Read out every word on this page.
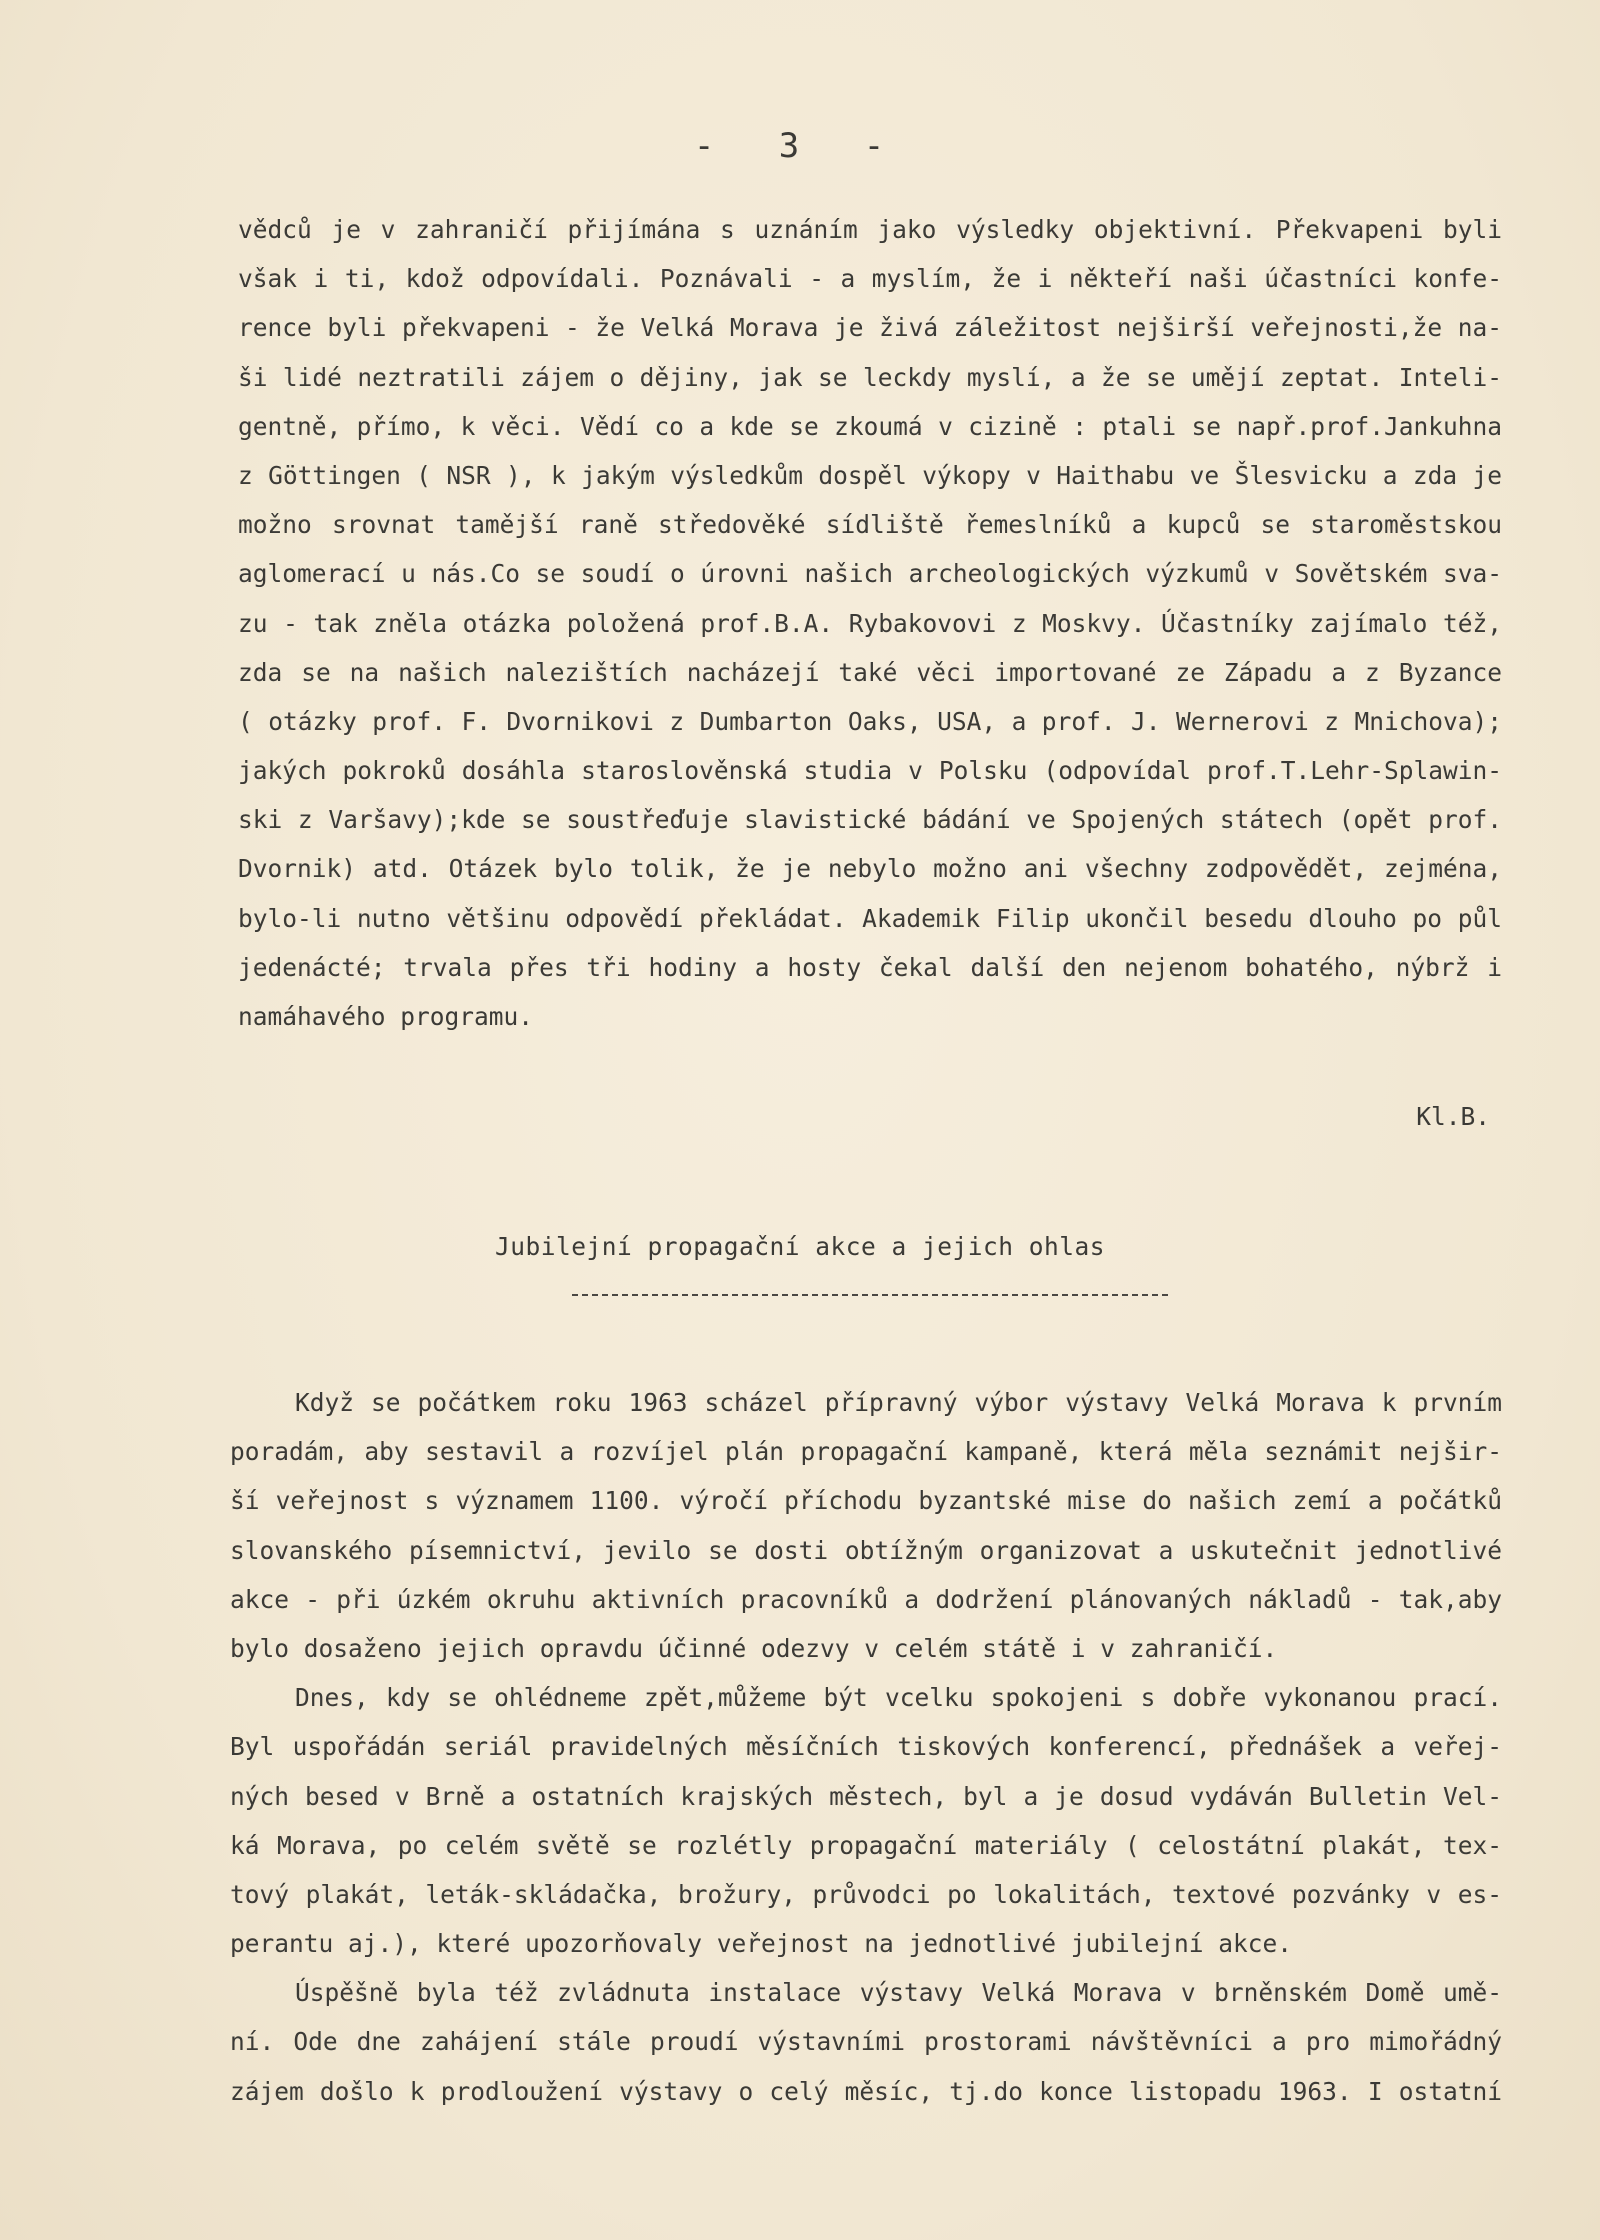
- 3 -
vědců je v zahraničí přijímána s uznáním jako výsledky objektivní. Překvapeni byli
však i ti, kdož odpovídali. Poznávali - a myslím, že i někteří naši účastníci konfe-
rence byli překvapeni - že Velká Morava je živá záležitost nejširší veřejnosti,že na-
ši lidé neztratili zájem o dějiny, jak se leckdy myslí, a že se umějí zeptat. Inteli-
gentně, přímo, k věci. Vědí co a kde se zkoumá v cizině : ptali se např.prof.Jankuhna
z Göttingen ( NSR ), k jakým výsledkům dospěl výkopy v Haithabu ve Šlesvicku a zda je
možno srovnat tamější raně středověké sídliště řemeslníků a kupců se staroměstskou
aglomerací u nás.Co se soudí o úrovni našich archeologických výzkumů v Sovětském sva-
zu - tak zněla otázka položená prof.B.A. Rybakovovi z Moskvy. Účastníky zajímalo též,
zda se na našich nalezištích nacházejí také věci importované ze Západu a z Byzance
( otázky prof. F. Dvornikovi z Dumbarton Oaks, USA, a prof. J. Wernerovi z Mnichova);
jakých pokroků dosáhla staroslověnská studia v Polsku (odpovídal prof.T.Lehr-Splawin-
ski z Varšavy);kde se soustřeďuje slavistické bádání ve Spojených státech (opět prof.
Dvornik) atd. Otázek bylo tolik, že je nebylo možno ani všechny zodpovědět, zejména,
bylo-li nutno většinu odpovědí překládat. Akademik Filip ukončil besedu dlouho po půl
jedenácté; trvala přes tři hodiny a hosty čekal další den nejenom bohatého, nýbrž i
namáhavého programu.
Kl.B.
Jubilejní propagační akce a jejich ohlas
Když se počátkem roku 1963 scházel přípravný výbor výstavy Velká Morava k prvním
poradám, aby sestavil a rozvíjel plán propagační kampaně, která měla seznámit nejšir-
ší veřejnost s významem 1100. výročí příchodu byzantské mise do našich zemí a počátků
slovanského písemnictví, jevilo se dosti obtížným organizovat a uskutečnit jednotlivé
akce - při úzkém okruhu aktivních pracovníků a dodržení plánovaných nákladů - tak,aby
bylo dosaženo jejich opravdu účinné odezvy v celém státě i v zahraničí.
Dnes, kdy se ohlédneme zpět,můžeme být vcelku spokojeni s dobře vykonanou prací.
Byl uspořádán seriál pravidelných měsíčních tiskových konferencí, přednášek a veřej-
ných besed v Brně a ostatních krajských městech, byl a je dosud vydáván Bulletin Vel-
ká Morava, po celém světě se rozlétly propagační materiály ( celostátní plakát, tex-
tový plakát, leták-skládačka, brožury, průvodci po lokalitách, textové pozvánky v es-
perantu aj.), které upozorňovaly veřejnost na jednotlivé jubilejní akce.
Úspěšně byla též zvládnuta instalace výstavy Velká Morava v brněnském Domě umě-
ní. Ode dne zahájení stále proudí výstavními prostorami návštěvníci a pro mimořádný
zájem došlo k prodloužení výstavy o celý měsíc, tj.do konce listopadu 1963. I ostatní
